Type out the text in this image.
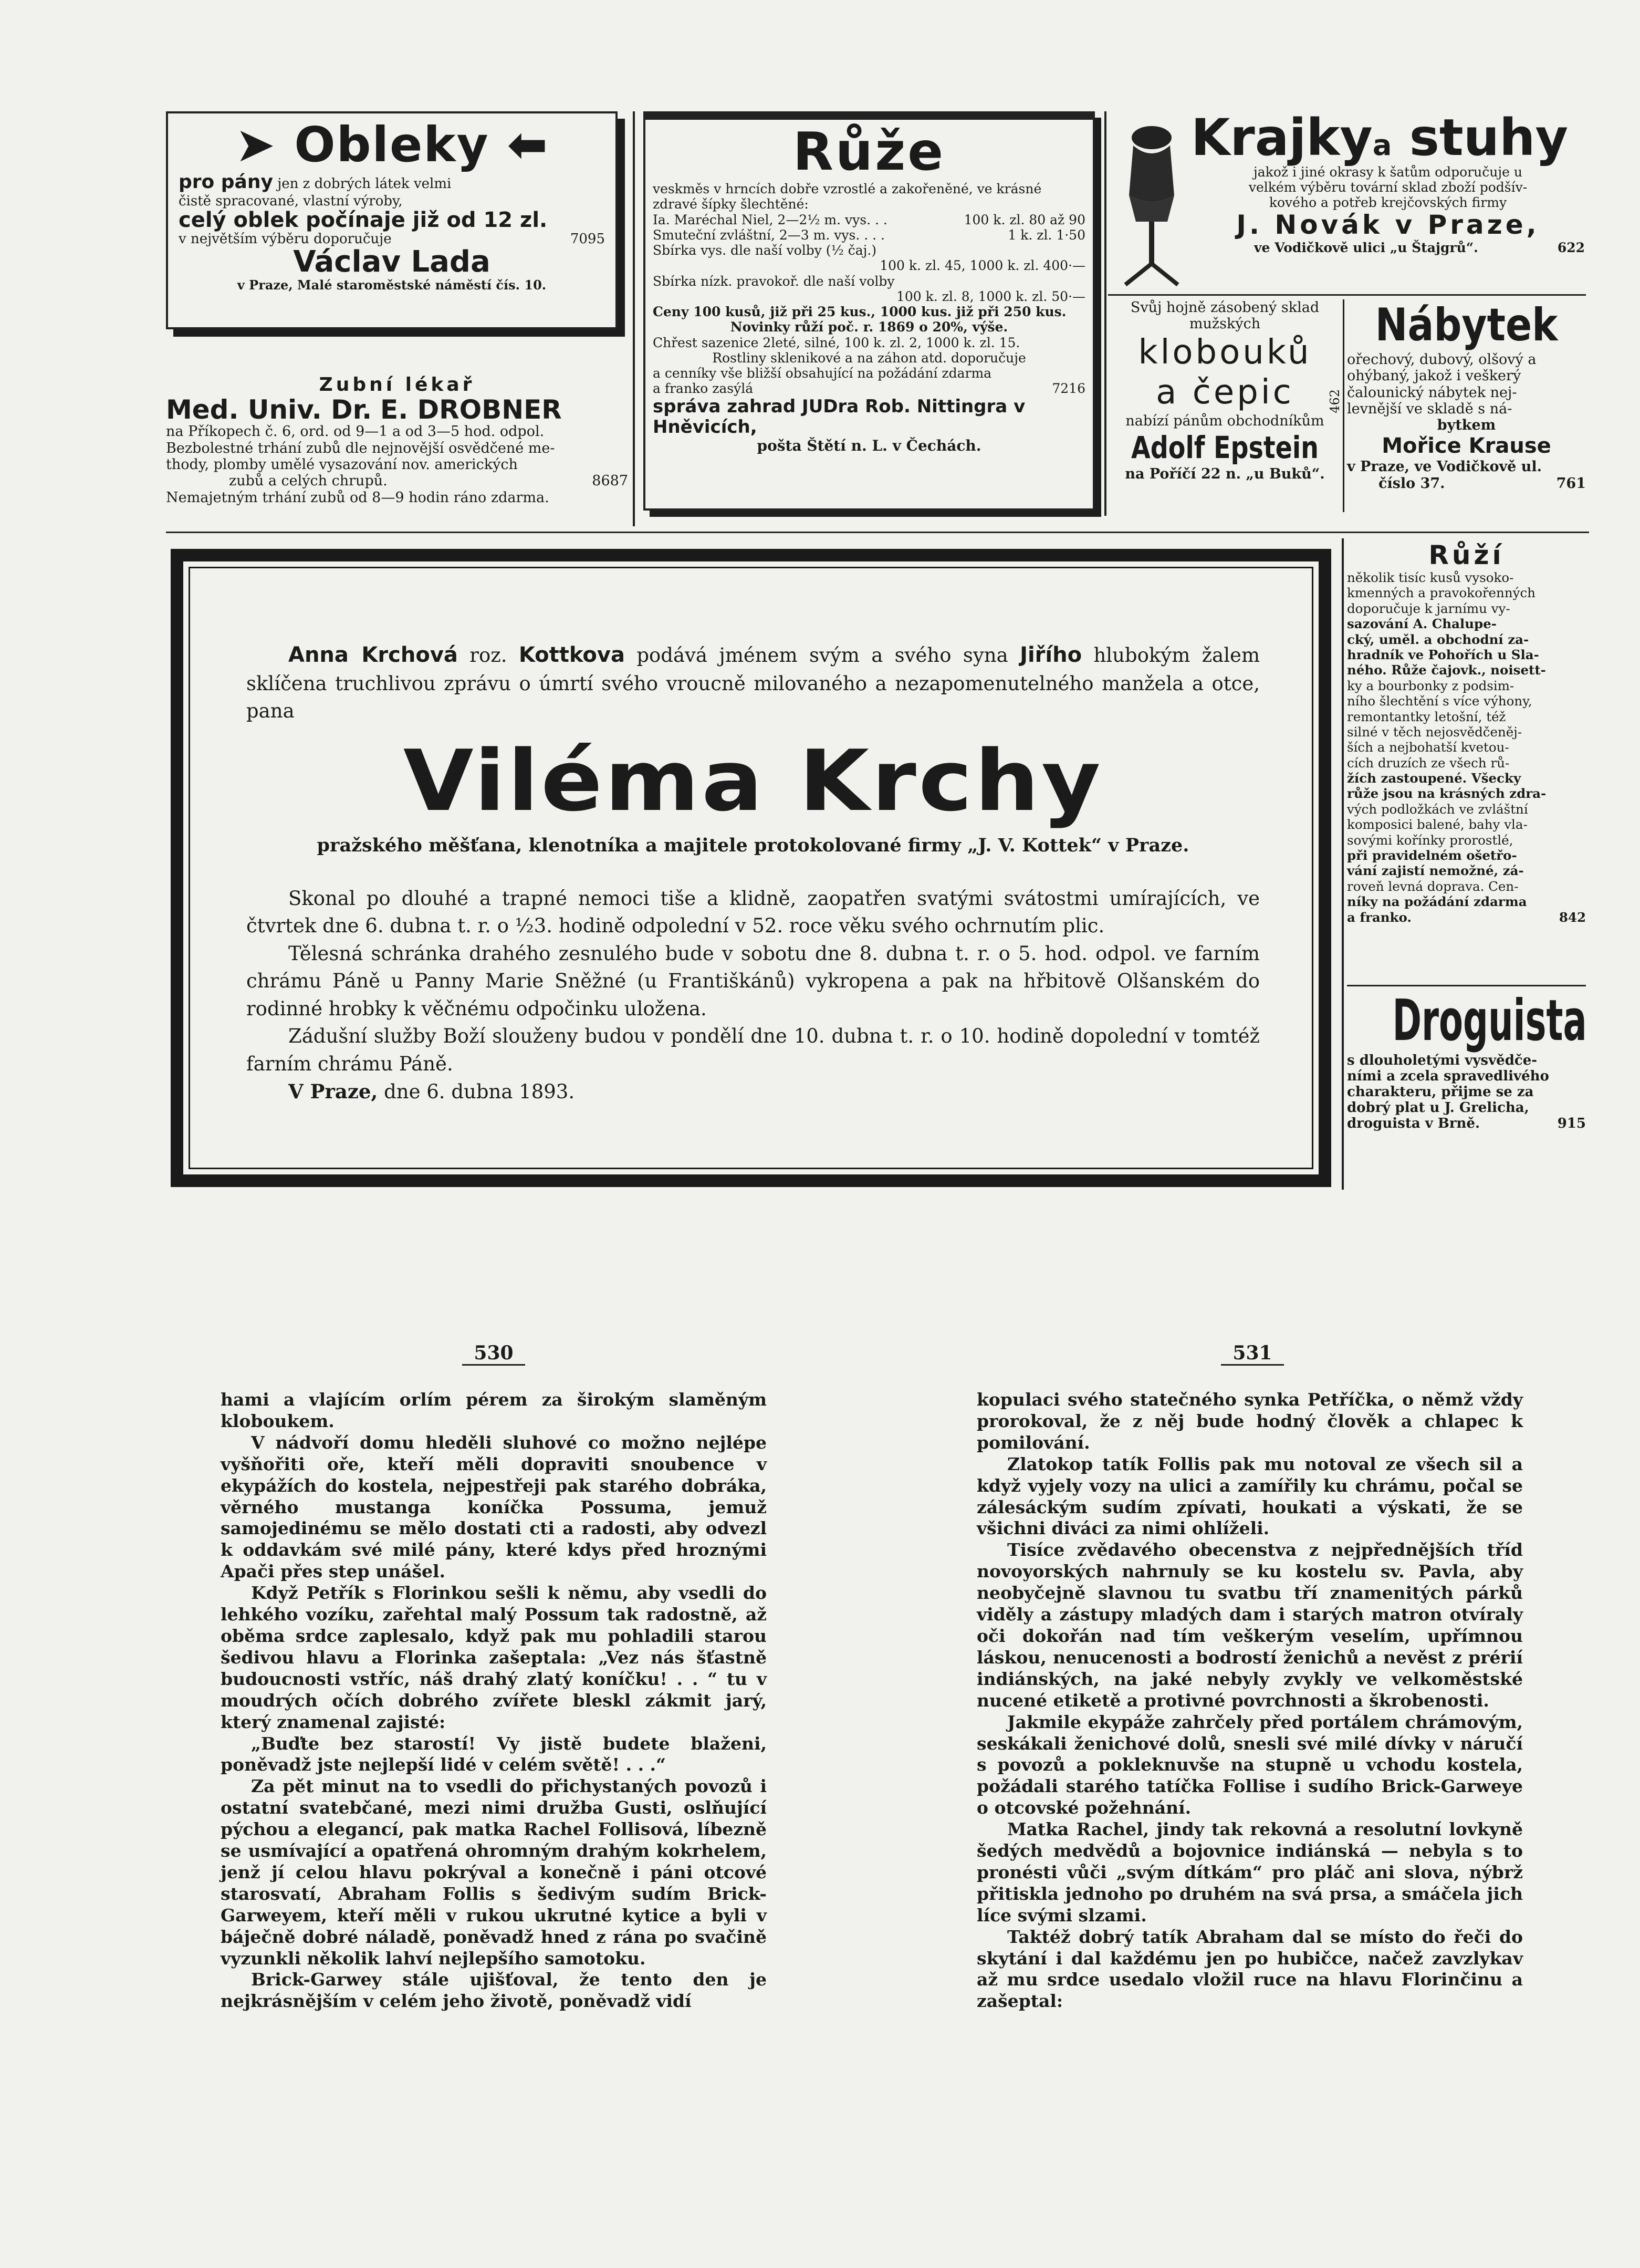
➤ Obleky ⬅

pro pány jen z dobrých látek velmi

čistě spracované, vlastní výroby,

celý oblek počínaje již od 12 zl.

v největším výběru doporučuje	7095

Václav Lada

v Praze, Malé staroměstské náměstí čís. 10.

Zubní lékař

Med. Univ. Dr. E. DROBNER

na Příkopech č. 6, ord. od 9—1 a od 3—5 hod. odpol.

Bezbolestné trhání zubů dle nejnovější osvědčené me-

thody, plomby umělé vysazování nov. amerických

zubů a celých chrupů.	8687

Nemajetným trhání zubů od 8—9 hodin ráno zdarma.

Růže

veskměs v hrncích dobře vzrostlé a zakořeněné, ve krásné zdravé šípky šlechtěné:

Ia. Maréchal Niel, 2—2½ m. vys. . .	100 k. zl. 80 až 90

Smuteční zvláštní, 2—3 m. vys. . . .	1 k. zl. 1·50

Sbírka vys. dle naší volby (½ čaj.)

100 k. zl. 45, 1000 k. zl. 400·—

Sbírka nízk. pravokoř. dle naší volby

100 k. zl. 8, 1000 k. zl. 50·—

Ceny 100 kusů, již při 25 kus., 1000 kus. již při 250 kus.

Novinky růží poč. r. 1869 o 20%, výše.

Chřest sazenice 2leté, silné, 100 k. zl. 2, 1000 k. zl. 15.

Rostliny sklenikové a na záhon atd. doporučuje

a cenníky vše bližší obsahující na požádání zdarma

a franko zasýlá	7216

správa zahrad JUDra Rob. Nittingra v Hněvicích,

pošta Štětí n. L. v Čechách.

Krajkya stuhy

jakož i jiné okrasy k šatům odporučuje u

velkém výběru tovární sklad zboží podšív-

kového a potřeb krejčovských firmy

J. Novák v Praze,

ve Vodičkově ulici „u Štajgrů“.	622

Svůj hojně zásobený sklad

mužských

klobouků

a čepic

nabízí pánům obchodníkům

Adolf Epstein

na Poříčí 22 n. „u Buků“.

462

Nábytek

ořechový, dubový, olšový a

ohýbaný, jakož i veškerý

čalounický nábytek nej-

levnější ve skladě s ná-

bytkem

Mořice Krause

v Praze, ve Vodičkově ul.

číslo 37.	761

Anna Krchová roz. Kottkova podává jménem svým a svého syna Jiřího hlubokým žalem sklíčena truchlivou zprávu o úmrtí svého vroucně milovaného a nezapomenutelného manžela a otce, pana

Viléma Krchy

pražského měšťana, klenotníka a majitele protokolované firmy „J. V. Kottek“ v Praze.

Skonal po dlouhé a trapné nemoci tiše a klidně, zaopatřen svatými svátostmi umírajících, ve čtvrtek dne 6. dubna t. r. o ½3. hodině odpolední v 52. roce věku svého ochrnutím plic.

Tělesná schránka drahého zesnulého bude v sobotu dne 8. dubna t. r. o 5. hod. odpol. ve farním chrámu Páně u Panny Marie Sněžné (u Františkánů) vykropena a pak na hřbitově Olšanském do rodinné hrobky k věčnému odpočinku uložena.

Zádušní služby Boží slouženy budou v pondělí dne 10. dubna t. r. o 10. hodině dopolední v tomtéž farním chrámu Páně.

V Praze, dne 6. dubna 1893.

Růží

několik tisíc kusů vysoko-

kmenných a pravokořenných

doporučuje k jarnímu vy-

sazování A. Chalupe-

cký, uměl. a obchodní za-

hradník ve Pohořích u Sla-

ného. Růže čajovk., noisett-

ky a bourbonky z podsim-

ního šlechtění s více výhony,

remontantky letošní, též

silné v těch nejosvědčeněj-

ších a nejbohatší kvetou-

cích druzích ze všech rů-

žích zastoupené. Všecky

růže jsou na krásných zdra-

vých podložkách ve zvláštní

komposici balené, bahy vla-

sovými kořínky prorostlé,

při pravidelném ošetřo-

vání zajistí nemožné, zá-

roveň levná doprava. Cen-

níky na požádání zdarma

a franko.	842

Droguista

s dlouholetými vysvědče-

ními a zcela spravedlivého

charakteru, přijme se za

dobrý plat u J. Grelicha,

droguista v Brně.	915

530	531

hami a vlajícím orlím pérem za širokým slaměným kloboukem.

V nádvoří domu hleděli sluhové co možno nejlépe vyšňořiti oře, kteří měli dopraviti snoubence v ekypážích do kostela, nejpestřeji pak starého dobráka, věrného mustanga koníčka Possuma, jemuž samojedinému se mělo dostati cti a radosti, aby odvezl k oddavkám své milé pány, které kdys před hroznými Apači přes step unášel.

Když Petřík s Florinkou sešli k němu, aby vsedli do lehkého vozíku, zařehtal malý Possum tak radostně, až oběma srdce zaplesalo, když pak mu pohladili starou šedivou hlavu a Florinka zašeptala: „Vez nás šťastně budoucnosti vstříc, náš drahý zlatý koníčku! . . “ tu v moudrých očích dobrého zvířete bleskl zákmit jarý, který znamenal zajisté:

„Buďte bez starostí! Vy jistě budete blaženi, poněvadž jste nejlepší lidé v celém světě! . . .“

Za pět minut na to vsedli do přichystaných povozů i ostatní svatebčané, mezi nimi družba Gusti, oslňující pýchou a elegancí, pak matka Rachel Follisová, líbezně se usmívající a opatřená ohromným drahým kokrhelem, jenž jí celou hlavu pokrýval a konečně i páni otcové starosvatí, Abraham Follis s šedivým sudím Brick-Garweyem, kteří měli v rukou ukrutné kytice a byli v báječně dobré náladě, poněvadž hned z rána po svačině vyzunkli několik lahví nejlepšího samotoku.

Brick-Garwey stále ujišťoval, že tento den je nejkrásnějším v celém jeho životě, poněvadž vidí

kopulaci svého statečného synka Petříčka, o němž vždy prorokoval, že z něj bude hodný člověk a chlapec k pomilování.

Zlatokop tatík Follis pak mu notoval ze všech sil a když vyjely vozy na ulici a zamířily ku chrámu, počal se zálesáckým sudím zpívati, houkati a výskati, že se všichni diváci za nimi ohlíželi.

Tisíce zvědavého obecenstva z nejpřednějších tříd novoyorských nahrnuly se ku kostelu sv. Pavla, aby neobyčejně slavnou tu svatbu tří znamenitých párků viděly a zástupy mladých dam i starých matron otvíraly oči dokořán nad tím veškerým veselím, upřímnou láskou, nenucenosti a bodrostí ženichů a nevěst z prérií indiánských, na jaké nebyly zvykly ve velkoměstské nucené etiketě a protivné povrchnosti a škrobenosti.

Jakmile ekypáže zahrčely před portálem chrámovým, seskákali ženichové dolů, snesli své milé dívky v náručí s povozů a pokleknuvše na stupně u vchodu kostela, požádali starého tatíčka Follise i sudího Brick-Garweye o otcovské požehnání.

Matka Rachel, jindy tak rekovná a resolutní lovkyně šedých medvědů a bojovnice indiánská — nebyla s to pronésti vůči „svým dítkám“ pro pláč ani slova, nýbrž přitiskla jednoho po druhém na svá prsa, a smáčela jich líce svými slzami.

Taktéž dobrý tatík Abraham dal se místo do řeči do skytání i dal každému jen po hubičce, načež zavzlykav až mu srdce usedalo vložil ruce na hlavu Florinčinu a zašeptal:
